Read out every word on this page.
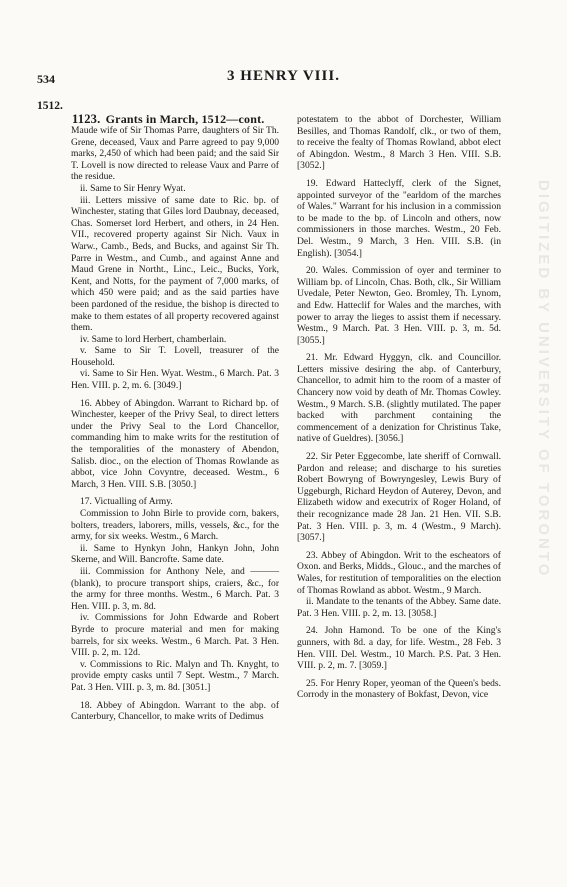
534	3 HENRY VIII.
1512.
1123. Grants in March, 1512—cont.

Maude wife of Sir Thomas Parre, daughters of Sir Th. Grene, deceased, Vaux and Parre agreed to pay 9,000 marks, 2,450 of which had been paid; and the said Sir T. Lovell is now directed to release Vaux and Parre of the residue.

ii. Same to Sir Henry Wyat.

iii. Letters missive of same date to Ric. bp. of Winchester, stating that Giles lord Daubnay, deceased, Chas. Somerset lord Herbert, and others, in 24 Hen. VII., recovered property against Sir Nich. Vaux in Warw., Camb., Beds, and Bucks, and against Sir Th. Parre in Westm., and Cumb., and against Anne and Maud Grene in Northt., Linc., Leic., Bucks, York, Kent, and Notts, for the payment of 7,000 marks, of which 450 were paid; and as the said parties have been pardoned of the residue, the bishop is directed to make to them estates of all property recovered against them.

iv. Same to lord Herbert, chamberlain.

v. Same to Sir T. Lovell, treasurer of the Household.

vi. Same to Sir Hen. Wyat. Westm., 6 March. Pat. 3 Hen. VIII. p. 2, m. 6. [3049.]

16. Abbey of Abingdon. Warrant to Richard bp. of Winchester, keeper of the Privy Seal, to direct letters under the Privy Seal to the Lord Chancellor, commanding him to make writs for the restitution of the temporalities of the monastery of Abendon, Salisb. dioc., on the election of Thomas Rowlande as abbot, vice John Covyntre, deceased. Westm., 6 March, 3 Hen. VIII. S.B. [3050.]

17. Victualling of Army.

Commission to John Birle to provide corn, bakers, bolters, treaders, laborers, mills, vessels, &c., for the army, for six weeks. Westm., 6 March.

ii. Same to Hynkyn John, Hankyn John, John Skerne, and Will. Bancrofte. Same date.

iii. Commission for Anthony Nele, and ——— (blank), to procure transport ships, craiers, &c., for the army for three months. Westm., 6 March. Pat. 3 Hen. VIII. p. 3, m. 8d.

iv. Commissions for John Edwarde and Robert Byrde to procure material and men for making barrels, for six weeks. Westm., 6 March. Pat. 3 Hen. VIII. p. 2, m. 12d.

v. Commissions to Ric. Malyn and Th. Knyght, to provide empty casks until 7 Sept. Westm., 7 March. Pat. 3 Hen. VIII. p. 3, m. 8d. [3051.]

18. Abbey of Abingdon. Warrant to the abp. of Canterbury, Chancellor, to make writs of Dedimus

potestatem to the abbot of Dorchester, William Besilles, and Thomas Randolf, clk., or two of them, to receive the fealty of Thomas Rowland, abbot elect of Abingdon. Westm., 8 March 3 Hen. VIII. S.B. [3052.]

19. Edward Hatteclyff, clerk of the Signet, appointed surveyor of the "earldom of the marches of Wales." Warrant for his inclusion in a commission to be made to the bp. of Lincoln and others, now commissioners in those marches. Westm., 20 Feb. Del. Westm., 9 March, 3 Hen. VIII. S.B. (in English). [3054.]

20. Wales. Commission of oyer and terminer to William bp. of Lincoln, Chas. Both, clk., Sir William Uvedale, Peter Newton, Geo. Bromley, Th. Lynom, and Edw. Hatteclif for Wales and the marches, with power to array the lieges to assist them if necessary. Westm., 9 March. Pat. 3 Hen. VIII. p. 3, m. 5d. [3055.]

21. Mr. Edward Hyggyn, clk. and Councillor. Letters missive desiring the abp. of Canterbury, Chancellor, to admit him to the room of a master of Chancery now void by death of Mr. Thomas Cowley. Westm., 9 March. S.B. (slightly mutilated. The paper backed with parchment containing the commencement of a denization for Christinus Take, native of Gueldres). [3056.]

22. Sir Peter Eggecombe, late sheriff of Cornwall. Pardon and release; and discharge to his sureties Robert Bowryng of Bowryngesley, Lewis Bury of Uggeburgh, Richard Heydon of Auterey, Devon, and Elizabeth widow and executrix of Roger Holand, of their recognizance made 28 Jan. 21 Hen. VII. S.B. Pat. 3 Hen. VIII. p. 3, m. 4 (Westm., 9 March). [3057.]

23. Abbey of Abingdon. Writ to the escheators of Oxon. and Berks, Midds., Glouc., and the marches of Wales, for restitution of temporalities on the election of Thomas Rowland as abbot. Westm., 9 March.

ii. Mandate to the tenants of the Abbey. Same date. Pat. 3 Hen. VIII. p. 2, m. 13. [3058.]

24. John Hamond. To be one of the King's gunners, with 8d. a day, for life. Westm., 28 Feb. 3 Hen. VIII. Del. Westm., 10 March. P.S. Pat. 3 Hen. VIII. p. 2, m. 7. [3059.]

25. For Henry Roper, yeoman of the Queen's beds. Corrody in the monastery of Bokfast, Devon, vice

DIGITIZED BY UNIVERSITY OF TORONTO
